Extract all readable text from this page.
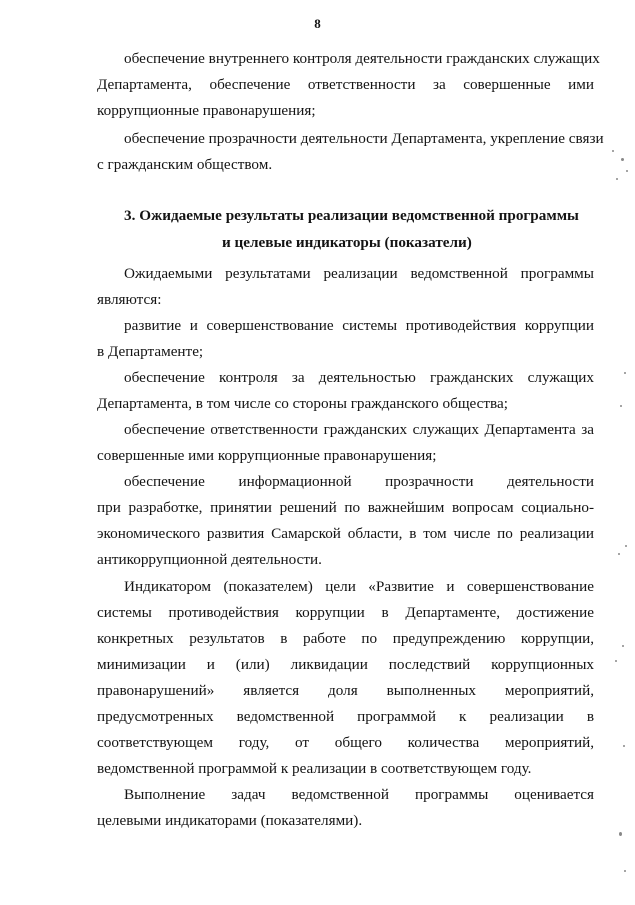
8
обеспечение внутреннего контроля деятельности гражданских служащих
Департамента, обеспечение ответственности за совершенные ими
коррупционные правонарушения;
обеспечение прозрачности деятельности Департамента, укрепление связи
с гражданским обществом.
3. Ожидаемые результаты реализации ведомственной программы
и целевые индикаторы (показатели)
Ожидаемыми результатами реализации ведомственной программы
являются:
развитие и совершенствование системы противодействия коррупции
в Департаменте;
обеспечение контроля за деятельностью гражданских служащих
Департамента, в том числе со стороны гражданского общества;
обеспечение ответственности гражданских служащих Департамента за
совершенные ими коррупционные правонарушения;
обеспечение информационной прозрачности деятельности
при разработке, принятии решений по важнейшим вопросам социально-
экономического развития Самарской области, в том числе по реализации
антикоррупционной деятельности.
Индикатором (показателем) цели «Развитие и совершенствование
системы противодействия коррупции в Департаменте, достижение
конкретных результатов в работе по предупреждению коррупции,
минимизации и (или) ликвидации последствий коррупционных
правонарушений» является доля выполненных мероприятий,
предусмотренных ведомственной программой к реализации в
соответствующем году, от общего количества мероприятий,
ведомственной программой к реализации в соответствующем году.
Выполнение задач ведомственной программы оценивается
целевыми индикаторами (показателями).
